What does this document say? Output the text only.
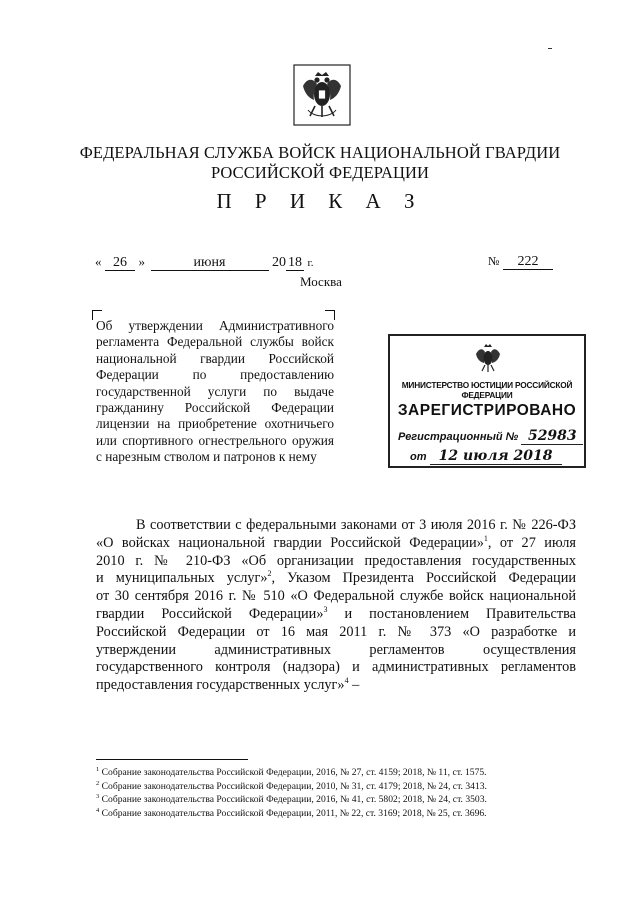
ФЕДЕРАЛЬНАЯ СЛУЖБА ВОЙСК НАЦИОНАЛЬНОЙ ГВАРДИИ
РОССИЙСКОЙ ФЕДЕРАЦИИ
П Р И К А З
« 26 »	июня	20 18 г.	№ 222
Москва
Об утверждении Административного
регламента Федеральной службы войск
национальной гвардии Российской
Федерации по предоставлению
государственной услуги по выдаче
гражданину Российской Федерации
лицензии на приобретение охотничьего
или спортивного огнестрельного оружия
с нарезным стволом и патронов к нему
МИНИСТЕРСТВО ЮСТИЦИИ РОССИЙСКОЙ ФЕДЕРАЦИИ
ЗАРЕГИСТРИРОВАНО
Регистрационный № 52983
от 12 июля 2018
В соответствии с федеральными законами от 3 июля 2016 г. № 226-ФЗ
«О войсках национальной гвардии Российской Федерации»$^1$, от 27 июля
2010 г. № 210-ФЗ «Об организации предоставления государственных
и муниципальных услуг»$^2$, Указом Президента Российской Федерации
от 30 сентября 2016 г. № 510 «О Федеральной службе войск национальной
гвардии Российской Федерации»$^3$ и постановлением Правительства
Российской Федерации от 16 мая 2011 г. № 373 «О разработке и
утверждении административных регламентов осуществления
государственного контроля (надзора) и административных регламентов
предоставления государственных услуг»$^4$ –
$^1$ Собрание законодательства Российской Федерации, 2016, № 27, ст. 4159; 2018, № 11, ст. 1575.
$^2$ Собрание законодательства Российской Федерации, 2010, № 31, ст. 4179; 2018, № 24, ст. 3413.
$^3$ Собрание законодательства Российской Федерации, 2016, № 41, ст. 5802; 2018, № 24, ст. 3503.
$^4$ Собрание законодательства Российской Федерации, 2011, № 22, ст. 3169; 2018, № 25, ст. 3696.
